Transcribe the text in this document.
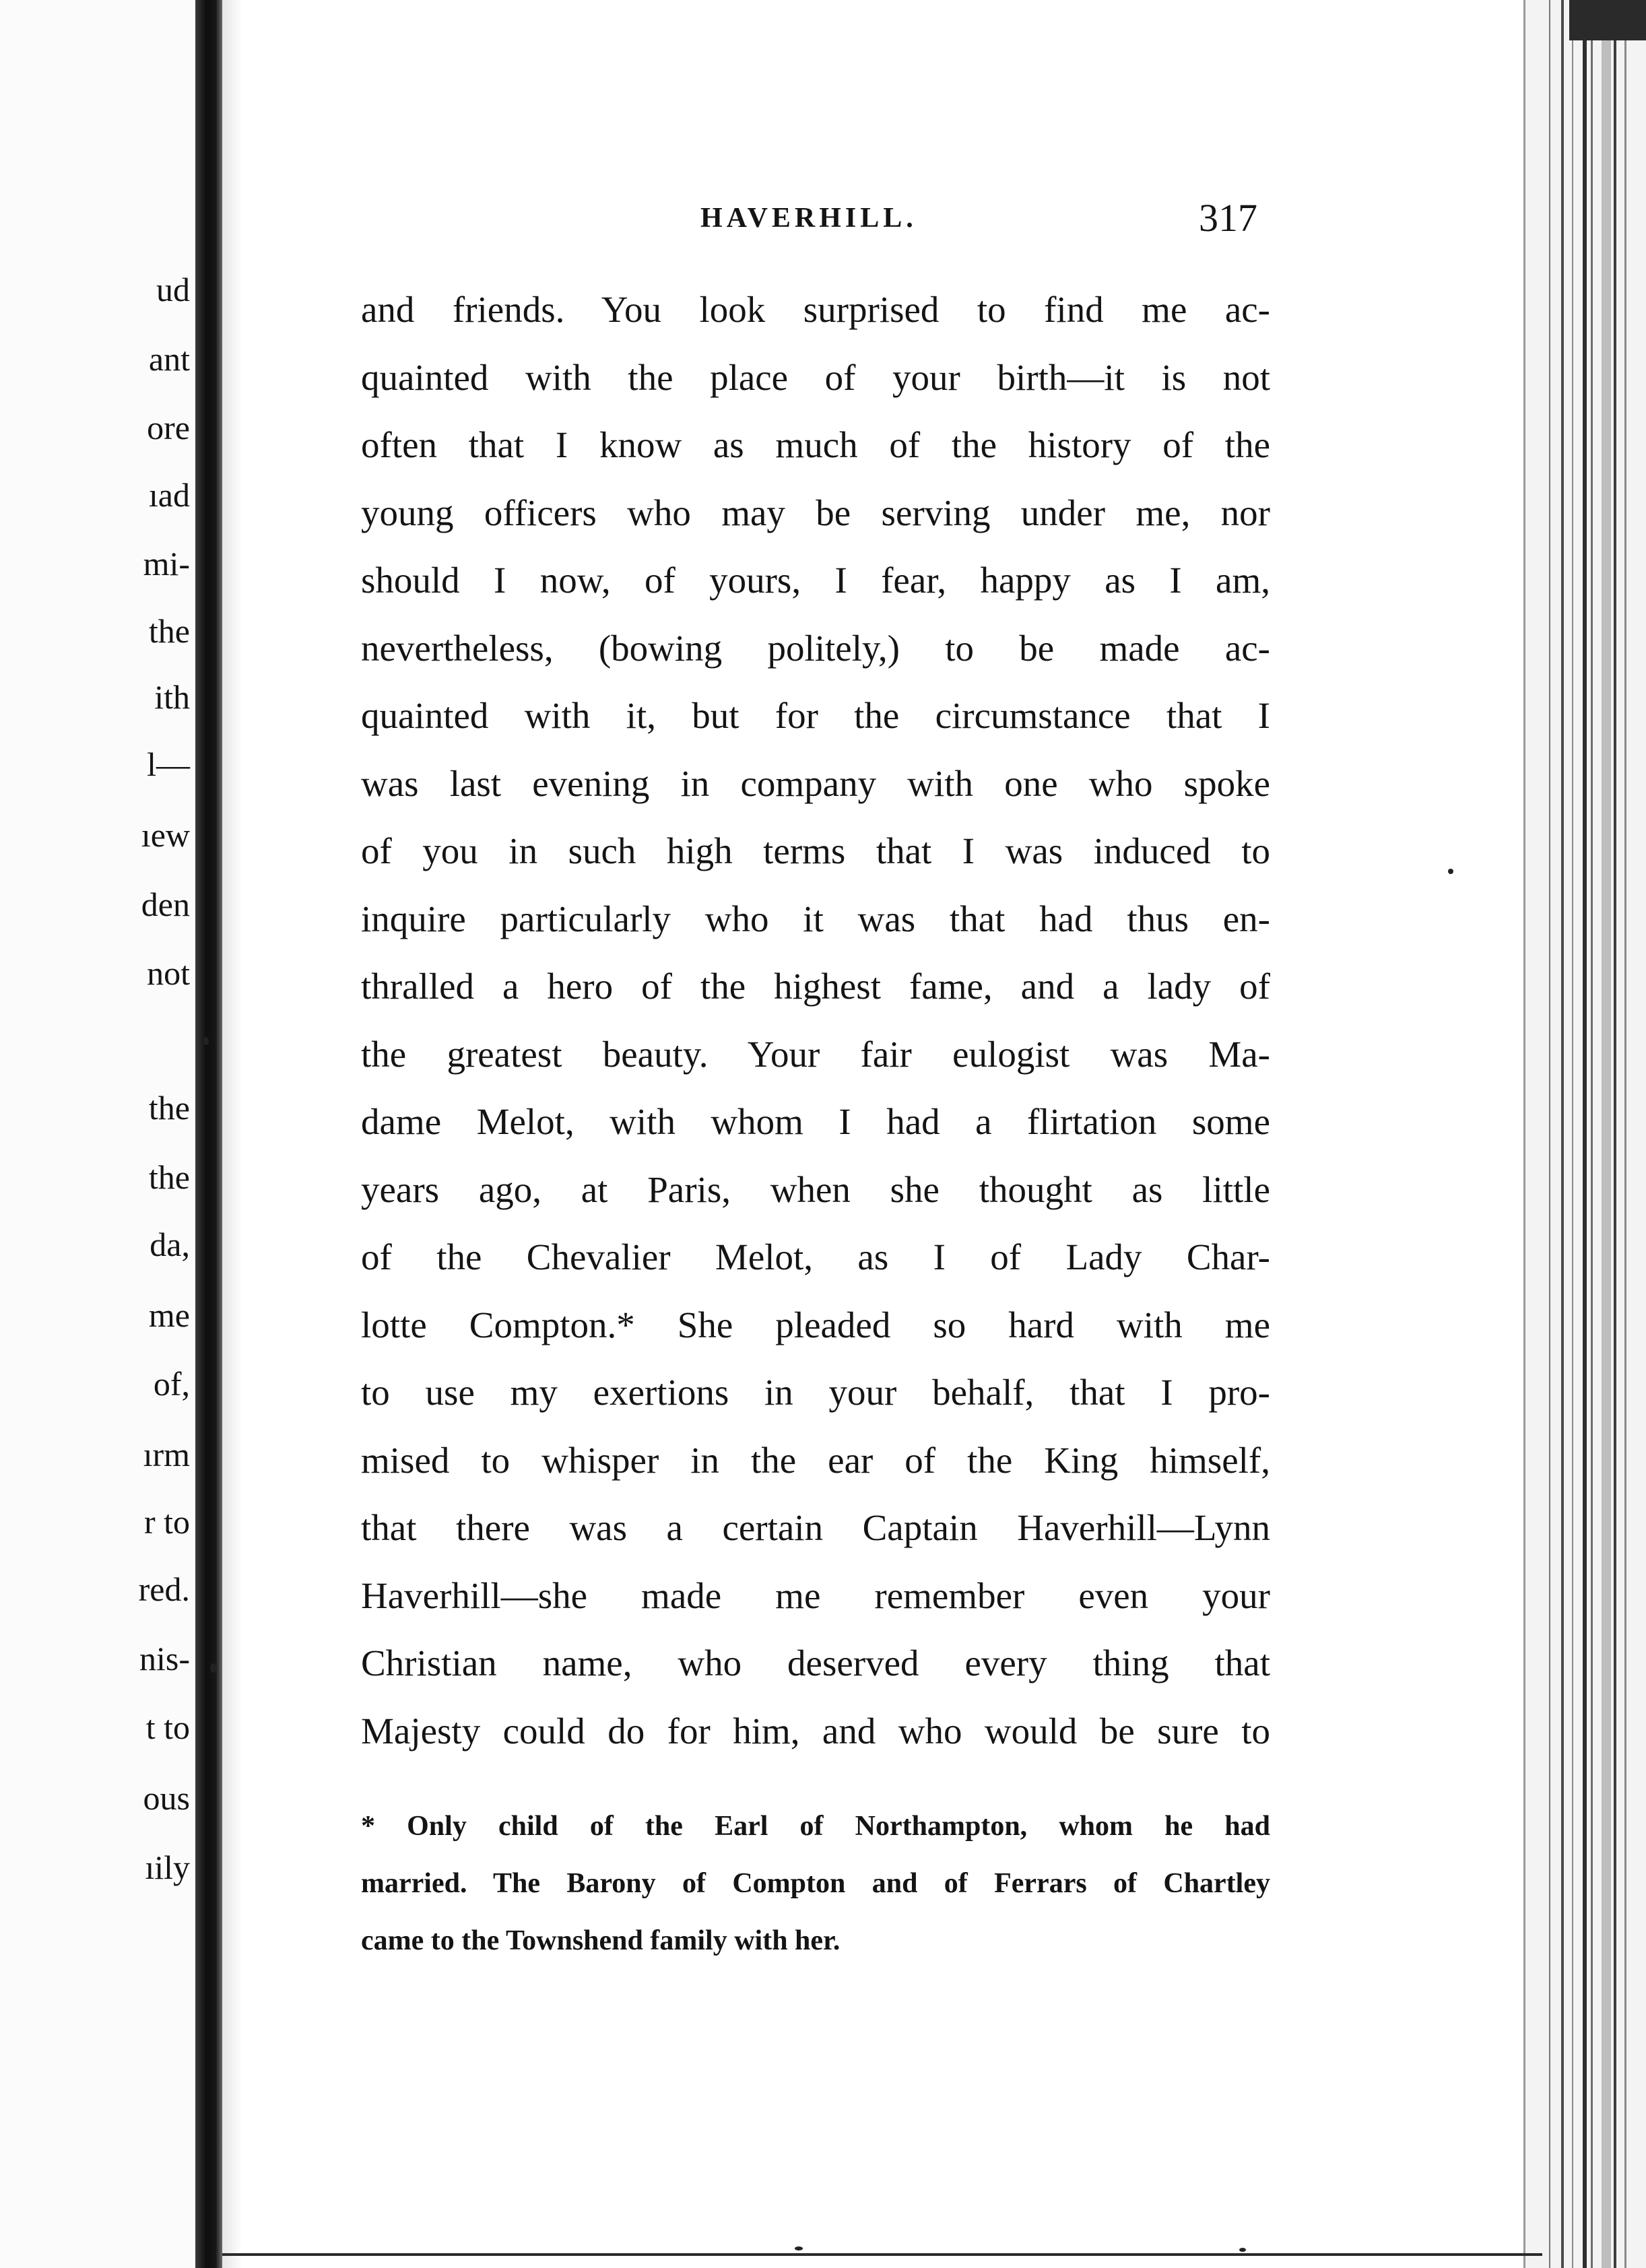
ud
ant
ore
ıad
mi-
the
ith
l—
ıew
den
not
the
the
da,
me
of,
ırm
r to
red.
nis-
t to
ous
ıily
HAVERHILL.	317
and friends. You look surprised to find me ac-
quainted with the place of your birth—it is not
often that I know as much of the history of the
young officers who may be serving under me, nor
should I now, of yours, I fear, happy as I am,
nevertheless, (bowing politely,) to be made ac-
quainted with it, but for the circumstance that I
was last evening in company with one who spoke
of you in such high terms that I was induced to
inquire particularly who it was that had thus en-
thralled a hero of the highest fame, and a lady of
the greatest beauty. Your fair eulogist was Ma-
dame Melot, with whom I had a flirtation some
years ago, at Paris, when she thought as little
of the Chevalier Melot, as I of Lady Char-
lotte Compton.* She pleaded so hard with me
to use my exertions in your behalf, that I pro-
mised to whisper in the ear of the King himself,
that there was a certain Captain Haverhill—Lynn
Haverhill—she made me remember even your
Christian name, who deserved every thing that
Majesty could do for him, and who would be sure to
* Only child of the Earl of Northampton, whom he had
married. The Barony of Compton and of Ferrars of Chartley
came to the Townshend family with her.
